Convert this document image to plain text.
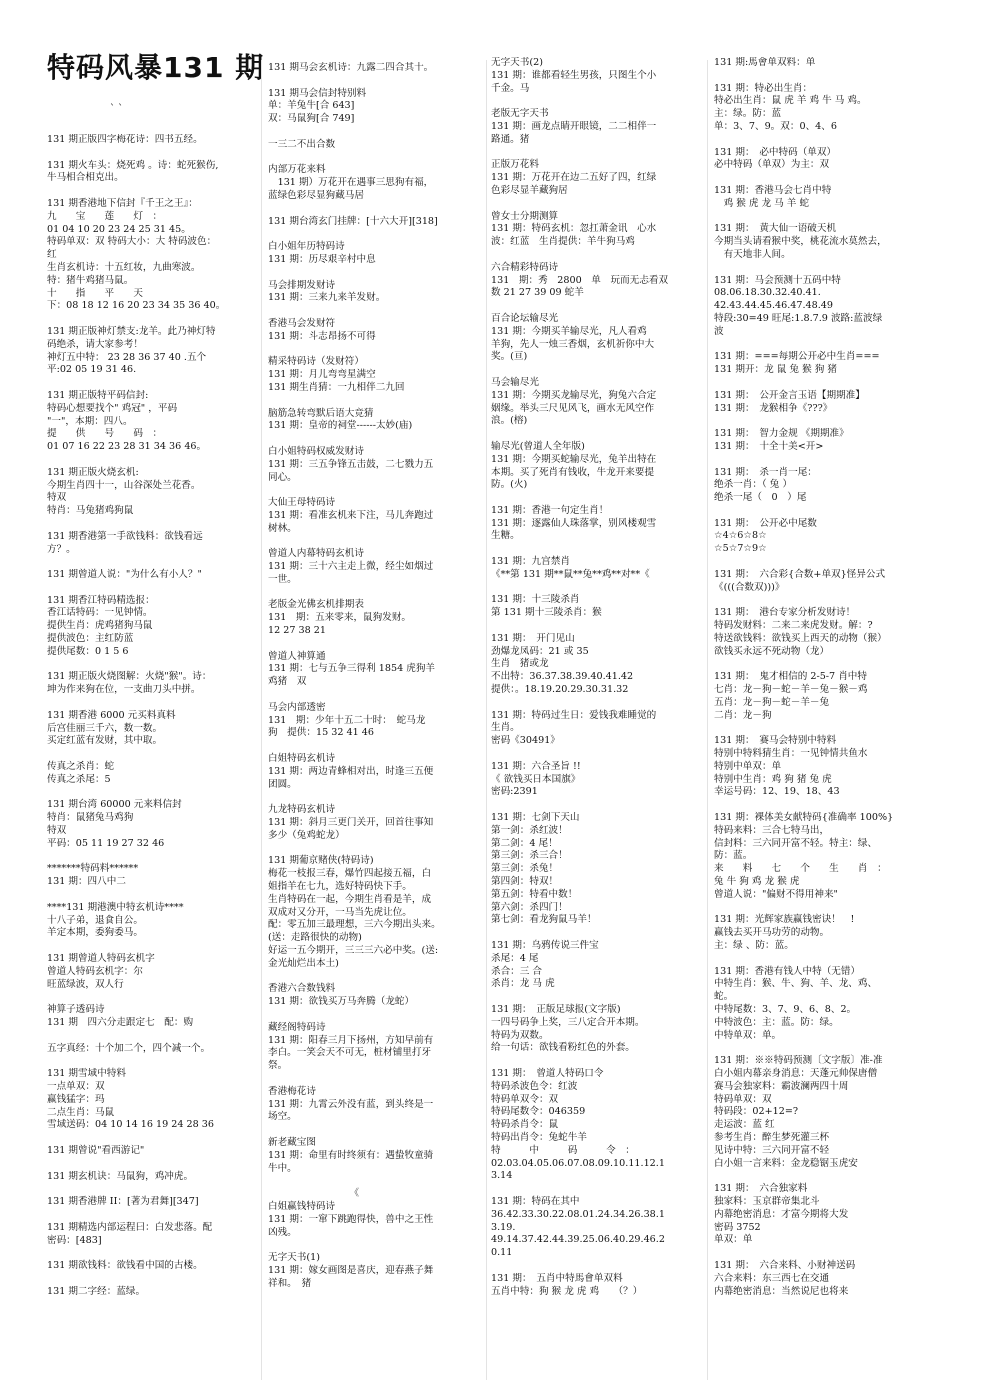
特码风暴131 期
` `
131 期正版四字梅花诗：四书五经。
131 期火车头：烧死鸡 。诗：蛇死猴伤,
牛马相合相克出。
131 期香港地下信封『千王之王』：
九　　宝　　莲　　灯　：
01 04 10 20 23 24 25 31 45。
特码单双：双 特码大小：大 特码波色：
红
生肖玄机诗：十五红妆，九曲寒波。
特：猪牛鸡猪马鼠。
十　　指　　平　　天
下：08 18 12 16 20 23 34 35 36 40。
131 期正版神灯禁支:龙羊。此乃神灯特
码绝杀，请大家参考！
神灯五中特： 23 28 36 37 40 .五个
平:02 05 19 31 46.
131 期正版特平码信封:
特码心想要找个" 鸡冠" ，平码
"一"，本期：四八。
提　　供　　号　　码　：
01 07 16 22 23 28 31 34 36 46。
131 期正版火烧玄机:
今期生肖四十一，山谷深处兰花香。
特双
特肖：马兔猪鸡狗鼠
131 期香港第一手欲钱料：欲钱看远
方？。
131 期曾道人说："为什么有小人？"
131 期香江特码精选报：
香江话特码：一见钟情。
提供生肖：虎鸡猪狗马鼠
提供波色：主红防蓝
提供尾数：0 1 5 6
131 期正版火烧图解：火烧"猴"。诗：
坤为作来狗在位，一支曲刀头中拼。
131 期香港 6000 元买料真料
后宫佳丽三千六，数一数。
买定红蓝有发财，其中取。
传真之杀肖：蛇
传真之杀尾：5
131 期台湾 60000 元来料信封
特肖：鼠猪兔马鸡狗
特双
平码：05 11 19 27 32 46
*******特码料******
131 期：四八中二
****131 期港澳中特玄机诗****
十八子弟，退食自公。
羊定本期，委狗委马。
131 期曾道人特码玄机字
曾道人特码玄机字：尔
旺蓝绿波，双人行
神算子透码诗
131 期　四六分走跟定七　配：购
五字真经：十个加二个，四个减一个。
131 期雪域中特料
一点单双：双
赢钱猛字：玛
二点生肖：马鼠
雪域送码：04 10 14 16 19 24 28 36
131 期曾说"看西游记"
131 期玄机诀：马鼠狗，鸡冲虎。
131 期香港牌 II：[著为君舞][347]
131 期精选内部运程曰：白发悲落。配
密码：[483]
131 期欲钱料：欲钱看中国的古楼。
131 期二字经：蓝绿。
131 期马会玄机诗：九露二四合其十。
131 期马会信封特别料
单：羊兔牛[合 643]
双：马鼠狗[合 749]
一三二不出合数
内部万花来料
　131 期）万花开在遇事三思狗有福，
蓝绿色彩尽显狗藏马居
131 期台湾玄门挂牌：[十六大开][318]
白小姐年历特码诗
131 期：历尽艰辛村中息
马会排期发财诗
131 期：三来九来羊发财。
香港马会发财符
131 期：斗志昂扬不可得
精采特码诗（发财符）
131 期：月儿弯弯星满空
131 期生肖猜：一九相伴二九回
脑筋急转弯默后语大竞猜
131 期：皇帝的祠堂------太妙(庙)
白小姐特码权威发财诗
131 期：三五争锋五击鼓，二七戮力五
同心。
大仙王母特码诗
131 期：看准玄机来下注，马儿奔跑过
树林。
曾道人内幕特码玄机诗
131 期：三十六主走上微，经尘如烟过
一世。
老版金光佛玄机排期表
131　期：五来零来，鼠狗发财。
12 27 38 21
曾道人神算通
131 期：七与五争三得利 1854 虎狗羊
鸡猪　双
马会内部透密
131　期：少年十五二十时：　蛇马龙
狗　提供：15 32 41 46
白姐特码玄机诗
131 期：两边青蜂相对出，时逢三五便
团圆。
九龙特码玄机诗
131 期：斜月三更门关开，回首往事知
多少（兔鸡蛇龙）
131 期葡京赌侠(特码诗)
梅花一枝报三春，爆竹四起接五福，白
姐指羊在七九，选好特码快下手。
生肖特码在一起，今期生肖看是羊，成
双成对又分开，一马当先虎让位。
配：零五加三最理想，三六今期出头来。
(送：走路很快的动物)
好运一五今期开，三三三六必中奖。(送:
金光灿烂出本土)
香港六合数钱料
131 期：欲钱买万马奔腾（龙蛇）
藏经阁特码诗
131 期：阳春三月下扬州，方知早前有
李白。一笑会天不可无，桩材铺里打牙
祭。
香港梅花诗
131 期：九霄云外没有蓝，到头终是一
场空。
新老藏宝图
131 期：命里有时终须有：遇蛰牧童骑
牛中。
　　　　　　　　　《
白姐赢钱特码诗
131 期：一窜下跳跑得快，兽中之王性
凶残。
无字天书(1)
131 期：嫁女画图是喜庆，迎春燕子舞
祥和。　猪
无字天书(2)
131 期：谁都看轻生男孩，只图生个小
千金。马
老版无字天书
131 期：画龙点睛开眼镜，二二相伴一
路通。猪
正版万花料
131 期：万花开在边二五好了四，红绿
色彩尽显羊藏狗居
曾女士分期测算
131 期：特码玄机：忽扛萧金讯　心水
波：红蓝　生肖提供：羊牛狗马鸡
六合精彩特码诗
131　期：秀　2800　单　玩而无忐看双
数 21 27 39 09 蛇羊
百合论坛输尽光
131 期：今期买羊输尽光，凡人看鸡
羊狗，先人一烛三香烟，玄机祈你中大
奖。(亘)
马会输尽光
131 期：今期买龙输尽光，狗兔六合定
姻缘。举头三尺见风飞，画水无风空作
浪。(榕)
输尽光(曾道人全年版)
131 期：今期买蛇输尽光，兔羊出特在
本期。买了死肖有钱收，牛龙开来要提
防。(火)
131 期：香港一句定生肖！
131 期：逐露仙人珠落掌，别风楼观雪
生糖。
131 期：九宫禁肖
《**第 131 期**鼠**兔**鸡**对**《
131 期：十三陵杀肖
第 131 期十三陵杀肖：猴
131 期：　开门见山
劲爆龙凤码：21 或 35
生肖　猪或龙
不出特：36.37.38.39.40.41.42
提供：。18.19.20.29.30.31.32
131 期：特码过生日：爱钱我难睡觉的
生肖。
密码《30491》
131 期：六合圣旨 !!
《 欲钱买日本国旗》
密码:2391
131 期：七剑下天山
第一剑：杀红波！
第二剑：4 尾！
第三剑：杀三合！
第三剑：杀兔！
第四剑：特双！
第五剑：特看中数！
第六剑：杀四门！
第七剑：看龙狗鼠马羊！
131 期：乌鸦传说三件宝
杀尾：4 尾
杀合：三 合
杀肖：龙 马 虎
131 期：　正版足球报(文字版)
一四号码争上奖，三八定合开本期。
特码为双数。
给一句话：欲钱看粉红色的外套。
131 期：　曾道人特码口令
特码杀波色令：红波
特码单双令：双
特码尾数令：046359
特码杀肖令：鼠
特码出肖令：兔蛇牛羊
特　　　中　　　码　　　令　：
02.03.04.05.06.07.08.09.10.11.12.1
3.14
131 期：特码在其中
36.42.33.30.22.08.01.24.34.26.38.1
3.19.
49.14.37.42.44.39.25.06.40.29.46.2
0.11
131 期：　五肖中特馬會单双料
五肖中特：狗 猴 龙 虎 鸡　　（？）
131 期:馬會单双料：单
131 期：特必出生肖：
特必出生肖：鼠 虎 羊 鸡 牛 马 鸡。
主：绿。防：蓝
单：3、7、9。双：0、4、6
131 期：　必中特码（单双）
必中特码（单双）为主：双
131 期：香港马会七肖中特
　鸡 猴 虎 龙 马 羊 蛇
131 期：　黄大仙一语破天机
今期当头请看猴中奖，桃花流水莫然去，
　有天地非人间。
131 期：马会预测十五码中特
08.06.18.30.32.40.41.
42.43.44.45.46.47.48.49
特段:30=49 旺尾:1.8.7.9 波路:蓝波绿
波
131 期：===每期公开必中生肖===
131 期开：龙 鼠 兔 猴 狗 猪
131 期：　公开金言玉语【期期准】
131 期：　龙猴相争《???》
131 期：　智力金规 《期期准》
131 期：　十全十美<开>
131 期：　杀一肖一尾：
绝杀一肖：（ 兔 ）
绝杀一尾（　0　）尾
131 期：　公开必中尾数
☆4☆6☆8☆
☆5☆7☆9☆
131 期：　六合彩{合数+单双}怪异公式
《(((合数双)))》
131 期：　港台专家分析发财诗！
特码发财料：二来二来虎发财。解：?
特送欲钱料：欲钱买上西天的动物（猴）
欲钱买永远不死动物（龙）
131 期：　鬼才相信的 2-5-7 肖中特
七肖：龙－狗－蛇－羊－兔－猴－鸡
五肖：龙－狗－蛇－羊－兔
二肖：龙－狗
131 期：　赛马会特别中特料
特别中特料猜生肖：一见钟情共鱼水
特别中单双：单
特别中生肖：鸡 狗 猪 兔 虎
幸运号码：12、19、18、43
131 期：裸体美女献特码{准确率 100%}
特码来料：三合七特马出，
信封料：三六同开富不轻。特主：绿、
防：蓝。
来　　料　　七　　个　　生　　肖　：
兔 牛 狗 鸡 龙 猴 虎
曾道人说："偏财不得用神来"
131 期：光辉家族赢钱密诀！　!
赢钱去买开马功劳的动物。
主：绿 、防：蓝。
131 期：香港有钱人中特（无错）
中特生肖：猴、牛、狗、羊、龙、鸡、
蛇。
中特尾数：3、7、9、6、8、2。
中特波色：主：蓝。防：绿。
中特单双：单。
131 期：※※特码预测〔文字版〕准-准
白小姐内幕亲身消息：天蓬元帅保唐僧
赛马会独家料：霸波澜两四十周
特码单双：双
特码段：02+12=?
走运波：蓝 红
参考生肖：醉生梦死灌三杯
见诗中特：三六同开富不轻
白小姐一言来料：金龙稳锯玉虎安
131 期：　六合独家料
独家料：玉京群帝集北斗
内幕绝密消息：才富今期将大发
密码 3752
单双：单
131 期：　六合来料、小财神送码
六合来料：东三西七在交通
内幕绝密消息：当然说尼也将来
